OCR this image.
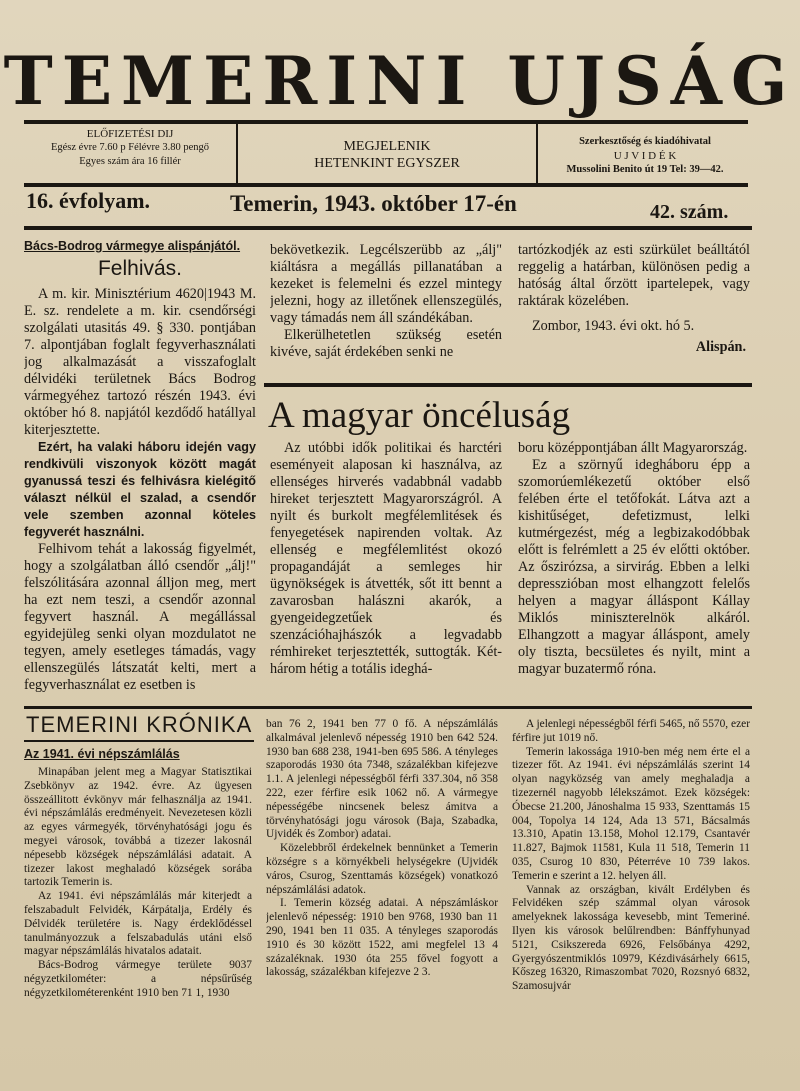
TEMERINI UJSÁG
ELŐFIZETÉSI DIJ
Egész évre 7.60 p Félévre 3.80 pengő
Egyes szám ára 16 fillér
MEGJELENIK
HETENKINT EGYSZER
Szerkesztőség és kiadóhivatal
U J V I D É K
Mussolini Benito út 19 Tel: 39—42.
16. évfolyam.	Temerin, 1943. október 17-én	42. szám.
Bács-Bodrog vármegye alispánjától.
Felhivás.

A m. kir. Minisztérium 4620|1943 M. E. sz. rendelete a m. kir. csendőrségi szolgálati utasitás 49. § 330. pontjában 7. alpontjában foglalt fegyverhasználati jog alkalmazását a visszafoglalt délvidéki területnek Bács Bodrog vármegyéhez tartozó részén 1943. évi október hó 8. napjától kezdődő hatállyal kiterjesztette.

Ezért, ha valaki háboru idején vagy rendkivüli viszonyok között magát gyanussá teszi és felhivásra kielégitő választ nélkül el szalad, a csendőr vele szemben azonnal köteles fegyverét használni.

Felhivom tehát a lakosság figyelmét, hogy a szolgálatban álló csendőr „álj!" felszólitására azonnal álljon meg, mert ha ezt nem teszi, a csendőr azonnal fegyvert használ. A megállással egyidejüleg senki olyan mozdulatot ne tegyen, amely esetleges támadás, vagy ellenszegülés látszatát kelti, mert a fegyverhasználat ez esetben is

bekövetkezik. Legcélszerübb az „álj" kiáltásra a megállás pillanatában a kezeket is felemelni és ezzel mintegy jelezni, hogy az illetőnek ellenszegülés, vagy támadás nem áll szándékában.

Elkerülhetetlen szükség esetén kivéve, saját érdekében senki ne

tartózkodjék az esti szürkület beálltától reggelig a határban, különösen pedig a hatóság által őrzött ipartelepek, vagy raktárak közelében.

Zombor, 1943. évi okt. hó 5.

Alispán.

A magyar öncéluság

Az utóbbi idők politikai és harctéri eseményeit alaposan ki használva, az ellenséges hirverés vadabbnál vadabb hireket terjesztett Magyarországról. A nyilt és burkolt megfélemlitések és fenyegetések napirenden voltak. Az ellenség e megfélemlitést okozó propagandáját a semleges hir ügynökségek is átvették, sőt itt bennt a zavarosban halászni akarók, a gyengeidegzetűek és szenzációhajhászók a legvadabb rémhireket terjesztették, suttogták. Két-három hétig a totális ideghá-

boru középpontjában állt Magyarország.

Ez a szörnyű idegháboru épp a szomorúemlékezetű október első felében érte el tetőfokát. Látva azt a kishitűséget, defetizmust, lelki kutmérgezést, még a legbizakodóbbak előtt is felrémlett a 25 év előtti október. Az őszirózsa, a sirvirág. Ebben a lelki depresszióban most elhangzott felelős helyen a magyar álláspont Kállay Miklós miniszterelnök alkáról. Elhangzott a magyar álláspont, amely oly tiszta, becsületes és nyilt, mint a magyar buzatermő róna.

TEMERINI KRÓNIKA
Az 1941. évi népszámlálás

Minapában jelent meg a Magyar Statisztikai Zsebkönyv az 1942. évre. Az ügyesen összeállitott évkönyv már felhasználja az 1941. évi népszámlálás eredményeit. Nevezetesen közli az egyes vármegyék, törvényhatósági jogu és megyei városok, továbbá a tizezer lakosnál népesebb községek népszámlálási adatait. A tizezer lakost meghaladó községek sorába tartozik Temerin is.

Az 1941. évi népszámlálás már kiterjedt a felszabadult Felvidék, Kárpátalja, Erdély és Délvidék területére is. Nagy érdeklődéssel tanulmányozzuk a felszabadulás utáni első magyar népszámlálás hivatalos adatait.

Bács-Bodrog vármegye területe 9037 négyzetkilométer: a népsűrűség négyzetkilométerenként 1910 ben 71 1, 1930

ban 76 2, 1941 ben 77 0 fő. A népszámlálás alkalmával jelenlevő népesség 1910 ben 642 524. 1930 ban 688 238, 1941-ben 695 586. A tényleges szaporodás 1930 óta 7348, százalékban kifejezve 1.1. A jelenlegi népességből férfi 337.304, nő 358 222, ezer férfire esik 1062 nő. A vármegye népességébe nincsenek belesz ámitva a törvényhatósági jogu városok (Baja, Szabadka, Ujvidék és Zombor) adatai.

Közelebbről érdekelnek bennünket a Temerin községre s a környékbeli helységekre (Ujvidék város, Csurog, Szenttamás községek) vonatkozó népszámlálási adatok.

I. Temerin község adatai. A népszámláskor jelenlevő népesség: 1910 ben 9768, 1930 ban 11 290, 1941 ben 11 035. A tényleges szaporodás 1910 és 30 között 1522, ami megfelel 13 4 százaléknak. 1930 óta 255 fővel fogyott a lakosság, százalékban kifejezve 2 3.

A jelenlegi népességből férfi 5465, nő 5570, ezer férfire jut 1019 nő.

Temerin lakossága 1910-ben még nem érte el a tizezer főt. Az 1941. évi népszámlálás szerint 14 olyan nagyközség van amely meghaladja a tizezernél nagyobb lélekszámot. Ezek községek: Óbecse 21.200, Jánoshalma 15 933, Szenttamás 15 004, Topolya 14 124, Ada 13 571, Bácsalmás 13.310, Apatin 13.158, Mohol 12.179, Csantavér 11.827, Bajmok 11581, Kula 11 518, Temerin 11 035, Csurog 10 830, Péterréve 10 739 lakos. Temerin e szerint a 12. helyen áll.

Vannak az országban, kivált Erdélyben és Felvidéken szép számmal olyan városok amelyeknek lakossága kevesebb, mint Temeriné. Ilyen kis városok belűlrendben: Bánffyhunyad 5121, Csikszereda 6926, Felsőbánya 4292, Gyergyószentmiklós 10979, Kézdivásárhely 6615, Kőszeg 16320, Rimaszombat 7020, Rozsnyó 6832, Szamosujvár
